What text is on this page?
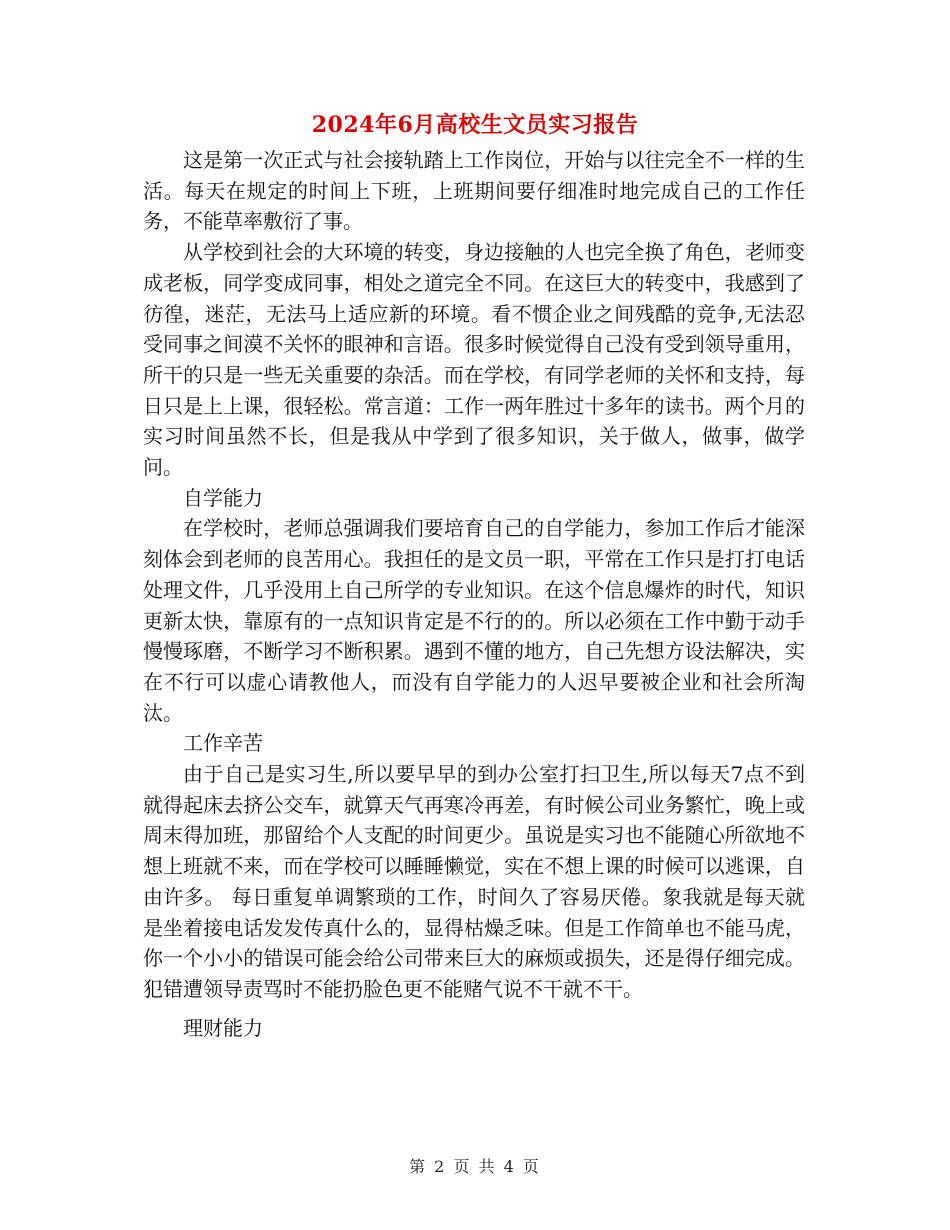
2024年6月高校生文员实习报告

这是第一次正式与社会接轨踏上工作岗位，开始与以往完全不一样的生活。每天在规定的时间上下班，上班期间要仔细准时地完成自己的工作任务，不能草率敷衍了事。

从学校到社会的大环境的转变，身边接触的人也完全换了角色，老师变成老板，同学变成同事，相处之道完全不同。在这巨大的转变中，我感到了彷徨，迷茫，无法马上适应新的环境。看不惯企业之间残酷的竞争,无法忍受同事之间漠不关怀的眼神和言语。很多时候觉得自己没有受到领导重用，所干的只是一些无关重要的杂活。而在学校，有同学老师的关怀和支持，每日只是上上课，很轻松。常言道：工作一两年胜过十多年的读书。两个月的实习时间虽然不长，但是我从中学到了很多知识，关于做人，做事，做学问。

自学能力

在学校时，老师总强调我们要培育自己的自学能力，参加工作后才能深刻体会到老师的良苦用心。我担任的是文员一职，平常在工作只是打打电话处理文件，几乎没用上自己所学的专业知识。在这个信息爆炸的时代，知识更新太快，靠原有的一点知识肯定是不行的的。所以必须在工作中勤于动手慢慢琢磨，不断学习不断积累。遇到不懂的地方，自己先想方设法解决，实在不行可以虚心请教他人，而没有自学能力的人迟早要被企业和社会所淘汰。

工作辛苦

由于自己是实习生,所以要早早的到办公室打扫卫生,所以每天7点不到就得起床去挤公交车，就算天气再寒冷再差，有时候公司业务繁忙，晚上或周末得加班，那留给个人支配的时间更少。虽说是实习也不能随心所欲地不想上班就不来，而在学校可以睡睡懒觉，实在不想上课的时候可以逃课，自由许多。 每日重复单调繁琐的工作，时间久了容易厌倦。象我就是每天就是坐着接电话发发传真什么的，显得枯燥乏味。但是工作简单也不能马虎，你一个小小的错误可能会给公司带来巨大的麻烦或损失，还是得仔细完成。犯错遭领导责骂时不能扔脸色更不能赌气说不干就不干。

理财能力

第 2 页 共 4 页
